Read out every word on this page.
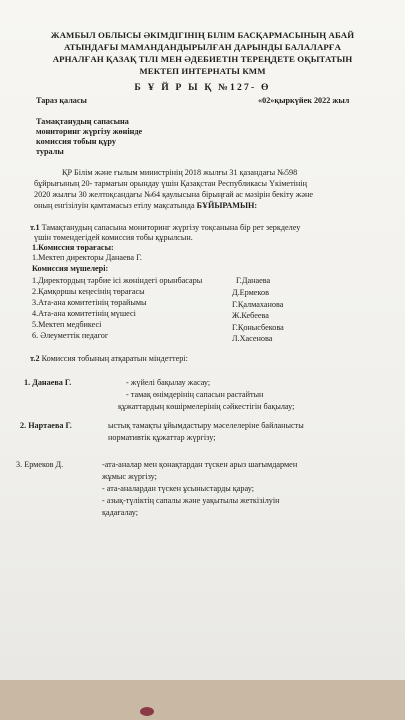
ЖАМБЫЛ ОБЛЫСЫ ӘКІМДІГІНІҢ БІЛІМ БАСҚАРМАСЫНЫҢ АБАЙ
АТЫНДАҒЫ МАМАНДАНДЫРЫЛҒАН ДАРЫНДЫ БАЛАЛАРҒА
АРНАЛҒАН ҚАЗАҚ ТІЛІ МЕН ӘДЕБИЕТІН ТЕРЕҢДЕТЕ ОҚЫТАТЫН
МЕКТЕП ИНТЕРНАТЫ КММ
Б Ұ Й Р Ы Қ №127- Ө
Тараз қаласы	«02»қыркүйек 2022 жыл
Тамақтанудың сапасына
мониторинг жүргізу жөнінде
комиссия тобын құру
туралы
ҚР Білім және ғылым министрінің 2018 жылғы 31 қазандағы №598
бұйрығының 20- тармағын орындау үшін Қазақстан Республикасы Үкіметінің
2020 жылғы 30 желтоқсандағы №64 қаулысына бірыңғай ас мәзірін бекіту және
оның енгізілуін қамтамасыз етілу мақсатында БҰЙЫРАМЫН:
т.1 Тамақтанудың сапасына мониторинг жүргізу тоқсанына бір рет зеркделеу
үшін төмендегідей комиссия тобы құрылсын.
1.Комиссия төрағасы:
1.Мектеп директоры Данаева Г.
Комиссия мүшелері:
1.Директордың тәрбие ісі жөніндегі орынбасары	Г.Данаева
2.Қамқоршы кеңесінің төрағасы	Д.Ермеков
3.Ата-ана комитетінің төрайымы	Г.Қалмаханова
4.Ата-ана комитетінің мүшесі	Ж.Кебеева
5.Мектеп медбикесі	Г.Қонысбекова
6. Әлеуметтік педагог	Л.Хасенова
т.2 Комиссия тобының атқаратын міндеттері:
1. Данаева Г.	- жүйелі бақылау жасау;
- тамақ өнімдерінің сапасын растайтын
құжаттардың көшірмелерінің сәйкестігін бақылау;
2. Нартаева Г.	ыстық тамақты ұйымдастыру мәселелеріне байланысты
нормативтік құжаттар жүргізу;
3. Ермеков Д.	-ата-аналар мен қонақтардан түскен арыз шағымдармен
жұмыс жүргізу;
- ата-аналардан түскен ұсыныстарды қарау;
- азық-түліктің сапалы және уақытылы жеткізілуін
қадағалау;
